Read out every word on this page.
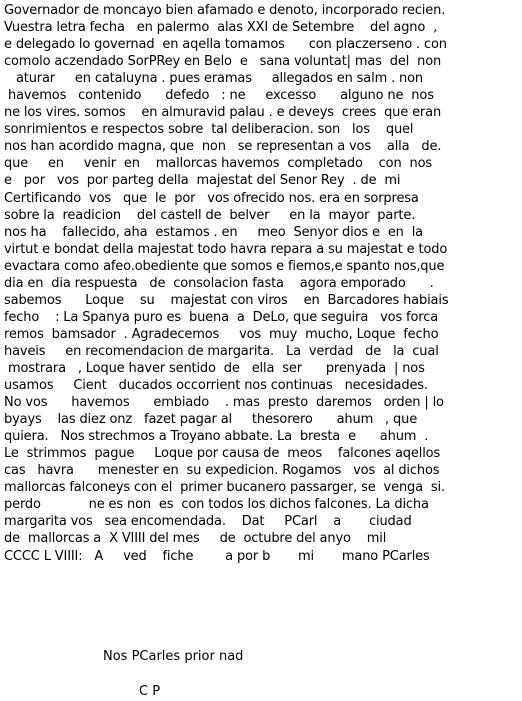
Governador de moncayo bien afamado e denoto, incorporado recien.
Vuestra letra fecha   en palermo  alas XXI de Setembre    del agno  ,
e delegado lo governad  en aqella tomamos      con placzerseno . con
comolo aczendado SorPRey en Belo  e   sana voluntat| mas  del  non
aturar     en cataluyna . pues eramas     allegados en salm . non
havemos   contenido      defedo   : ne     excesso      alguno ne  nos
ne los vires. somos    en almuravid palau . e deveys  crees  que eran
sonrimientos e respectos sobre  tal deliberacion. son   los    quel
nos han acordido magna, que  non   se representan a vos    alla   de.
que     en     venir  en    mallorcas havemos  completado    con  nos
e   por   vos  por parteg della  majestat del Senor Rey  . de  mi
Certificando  vos   que  le  por   vos ofrecido nos. era en sorpresa
sobre la  readicion    del castell de  belver     en la  mayor  parte.
nos ha    fallecido, aha  estamos . en     meo  Senyor dios e  en  la
virtut e bondat della majestat todo havra repara a su majestat e todo
evactara como afeo.obediente que somos e fiemos,e spanto nos,que
dia en  dia respuesta   de  consolacion fasta    agora emporado      .
sabemos      Loque    su    majestat con viros    en  Barcadores habiais
fecho    : La Spanya puro es  buena  a  DeLo, que seguira   vos forca
remos  bamsador  . Agradecemos     vos  muy  mucho, Loque  fecho
haveis     en recomendacion de margarita.   La  verdad   de   la  cual
mostrara   , Loque haver sentido  de   ella  ser      prenyada  | nos
usamos     Cient   ducados occorrient nos continuas   necesidades.
No vos      havemos      embiado    . mas  presto  daremos   orden | lo
byays    las diez onz   fazet pagar al     thesorero      ahum   , que
quiera.   Nos strechmos a Troyano abbate. La  bresta  e      ahum  .
Le  strimmos  pague     Loque por causa de  meos    falcones aqellos
cas   havra      menester en  su expedicion. Rogamos   vos  al dichos
mallorcas falconeys con el  primer bucanero passarger, se  venga  si.
perdo            ne es non  es  con todos los dichos falcones. La dicha
margarita vos   sea encomendada.    Dat     PCarl    a       ciudad
de  mallorcas a  X VIIII del mes     de  octubre del anyo    mil
CCCC L VIIII:   A     ved    fiche        a por b       mi       mano PCarles
Nos PCarles prior nad
C P
